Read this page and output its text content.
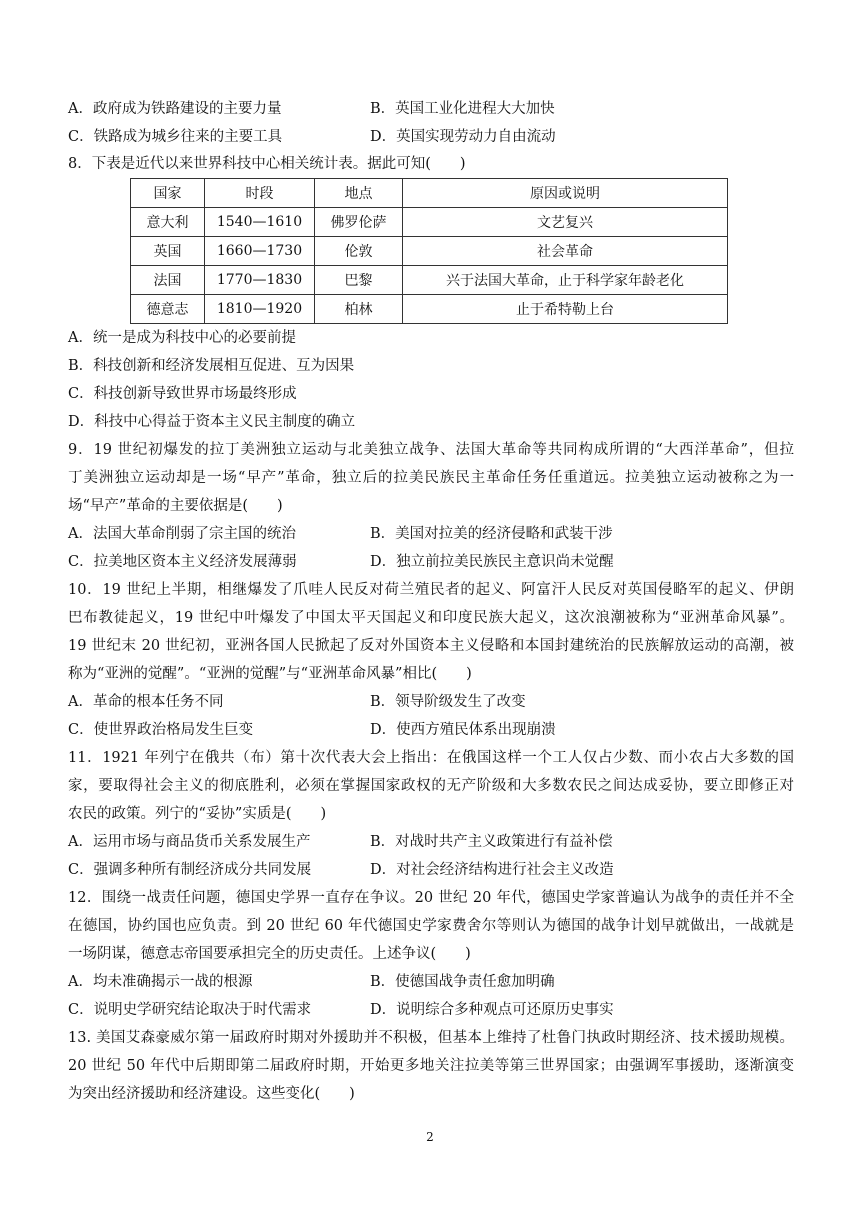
A．政府成为铁路建设的主要力量	B．英国工业化进程大大加快
C．铁路成为城乡往来的主要工具	D．英国实现劳动力自由流动
8．下表是近代以来世界科技中心相关统计表。据此可知(　　)
国家	时段	地点	原因或说明
意大利	1540—1610	佛罗伦萨	文艺复兴
英国	1660—1730	伦敦	社会革命
法国	1770—1830	巴黎	兴于法国大革命，止于科学家年龄老化
德意志	1810—1920	柏林	止于希特勒上台
A．统一是成为科技中心的必要前提
B．科技创新和经济发展相互促进、互为因果
C．科技创新导致世界市场最终形成
D．科技中心得益于资本主义民主制度的确立
9．19 世纪初爆发的拉丁美洲独立运动与北美独立战争、法国大革命等共同构成所谓的“大西洋革命”，但拉
丁美洲独立运动却是一场“早产”革命，独立后的拉美民族民主革命任务任重道远。拉美独立运动被称之为一
场“早产”革命的主要依据是(　　)
A．法国大革命削弱了宗主国的统治	B．美国对拉美的经济侵略和武装干涉
C．拉美地区资本主义经济发展薄弱	D．独立前拉美民族民主意识尚未觉醒
10．19 世纪上半期，相继爆发了爪哇人民反对荷兰殖民者的起义、阿富汗人民反对英国侵略军的起义、伊朗
巴布教徒起义，19 世纪中叶爆发了中国太平天国起义和印度民族大起义，这次浪潮被称为“亚洲革命风暴”。
19 世纪末 20 世纪初，亚洲各国人民掀起了反对外国资本主义侵略和本国封建统治的民族解放运动的高潮，被
称为“亚洲的觉醒”。“亚洲的觉醒”与“亚洲革命风暴”相比(　　)
A．革命的根本任务不同	B．领导阶级发生了改变
C．使世界政治格局发生巨变	D．使西方殖民体系出现崩溃
11．1921 年列宁在俄共（布）第十次代表大会上指出：在俄国这样一个工人仅占少数、而小农占大多数的国
家，要取得社会主义的彻底胜利，必须在掌握国家政权的无产阶级和大多数农民之间达成妥协，要立即修正对
农民的政策。列宁的“妥协”实质是(　　)
A．运用市场与商品货币关系发展生产	B．对战时共产主义政策进行有益补偿
C．强调多种所有制经济成分共同发展	D．对社会经济结构进行社会主义改造
12．围绕一战责任问题，德国史学界一直存在争议。20 世纪 20 年代，德国史学家普遍认为战争的责任并不全
在德国，协约国也应负责。到 20 世纪 60 年代德国史学家费舍尔等则认为德国的战争计划早就做出，一战就是
一场阴谋，德意志帝国要承担完全的历史责任。上述争议(　　)
A．均未准确揭示一战的根源	B．使德国战争责任愈加明确
C．说明史学研究结论取决于时代需求	D．说明综合多种观点可还原历史事实
13. 美国艾森豪威尔第一届政府时期对外援助并不积极，但基本上维持了杜鲁门执政时期经济、技术援助规模。
20 世纪 50 年代中后期即第二届政府时期，开始更多地关注拉美等第三世界国家；由强调军事援助，逐渐演变
为突出经济援助和经济建设。这些变化(　　)
2
